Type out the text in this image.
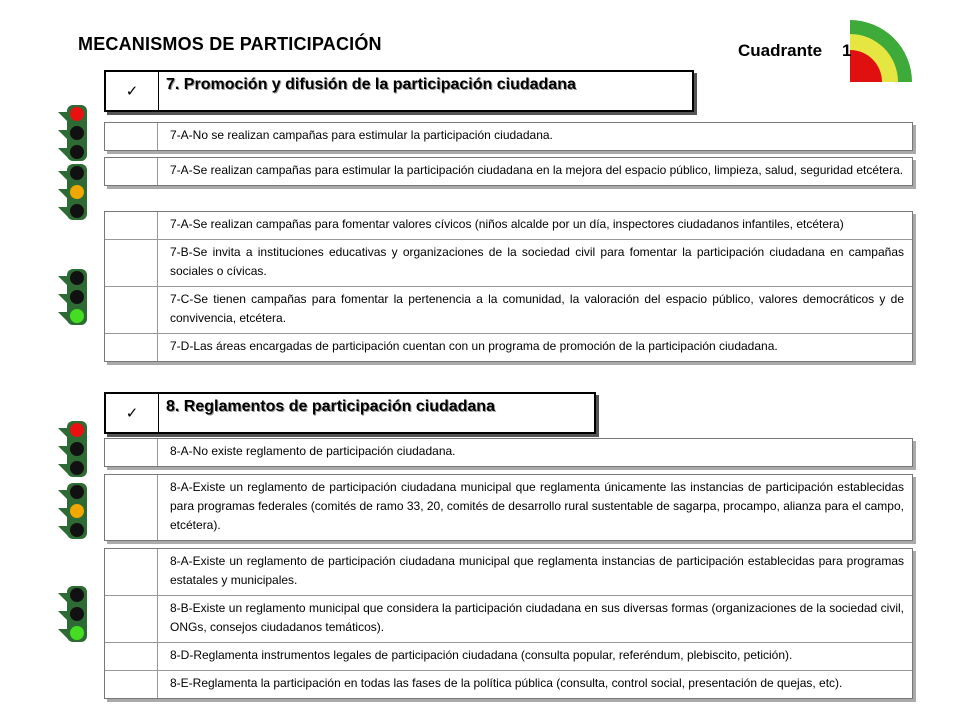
MECANISMOS DE PARTICIPACIÓN	Cuadrante 1
✓	7. Promoción y difusión de la participación ciudadana
7-A-No se realizan campañas para estimular la participación ciudadana.
7-A-Se realizan campañas para estimular la participación ciudadana en la mejora del espacio público, limpieza, salud, seguridad etcétera.
7-A-Se realizan campañas para fomentar valores cívicos (niños alcalde por un día, inspectores ciudadanos infantiles, etcétera)
7-B-Se invita a instituciones educativas y organizaciones de la sociedad civil para fomentar la participación ciudadana en campañas sociales o cívicas.
7-C-Se tienen campañas para fomentar la pertenencia a la comunidad, la valoración del espacio público, valores democráticos y de convivencia, etcétera.
7-D-Las áreas encargadas de participación cuentan con un programa de promoción de la participación ciudadana.
✓	8. Reglamentos de participación ciudadana
8-A-No existe reglamento de participación ciudadana.
8-A-Existe un reglamento de participación ciudadana municipal que reglamenta únicamente las instancias de participación establecidas para programas federales (comités de ramo 33, 20, comités de desarrollo rural sustentable de sagarpa, procampo, alianza para el campo, etcétera).
8-A-Existe un reglamento de participación ciudadana municipal que reglamenta instancias de participación establecidas para programas estatales y municipales.
8-B-Existe un reglamento municipal que considera la participación ciudadana en sus diversas formas (organizaciones de la sociedad civil, ONGs, consejos ciudadanos temáticos).
8-D-Reglamenta instrumentos legales de participación ciudadana (consulta popular, referéndum, plebiscito, petición).
8-E-Reglamenta la participación en todas las fases de la política pública (consulta, control social, presentación de quejas, etc).
